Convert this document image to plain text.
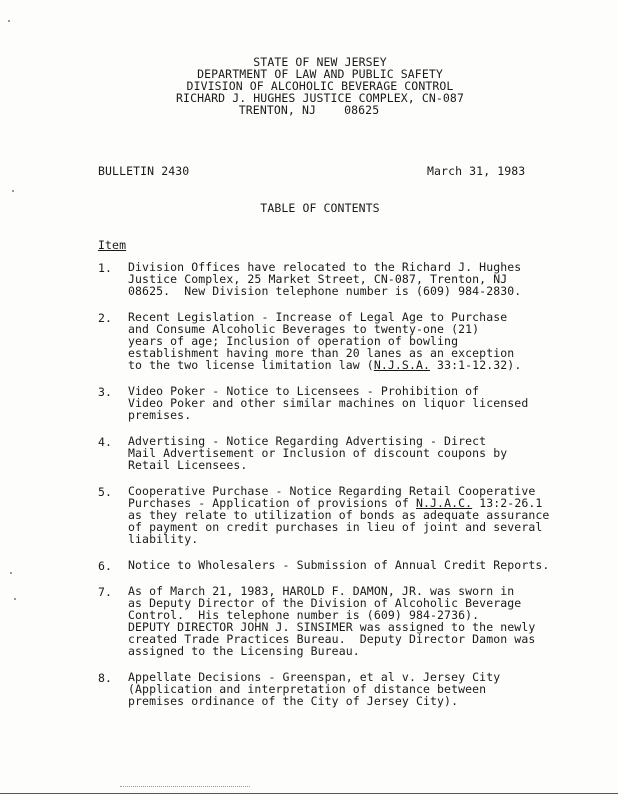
STATE OF NEW JERSEY
DEPARTMENT OF LAW AND PUBLIC SAFETY
DIVISION OF ALCOHOLIC BEVERAGE CONTROL
RICHARD J. HUGHES JUSTICE COMPLEX, CN-087
TRENTON, NJ    08625
BULLETIN 2430	March 31, 1983
TABLE OF CONTENTS
Item
1.	Division Offices have relocated to the Richard J. Hughes
Justice Complex, 25 Market Street, CN-087, Trenton, NJ
08625.  New Division telephone number is (609) 984-2830.
2.	Recent Legislation - Increase of Legal Age to Purchase
and Consume Alcoholic Beverages to twenty-one (21)
years of age; Inclusion of operation of bowling
establishment having more than 20 lanes as an exception
to the two license limitation law (N.J.S.A. 33:1-12.32).
3.	Video Poker - Notice to Licensees - Prohibition of
Video Poker and other similar machines on liquor licensed
premises.
4.	Advertising - Notice Regarding Advertising - Direct
Mail Advertisement or Inclusion of discount coupons by
Retail Licensees.
5.	Cooperative Purchase - Notice Regarding Retail Cooperative
Purchases - Application of provisions of N.J.A.C. 13:2-26.1
as they relate to utilization of bonds as adequate assurance
of payment on credit purchases in lieu of joint and several
liability.
6.	Notice to Wholesalers - Submission of Annual Credit Reports.
7.	As of March 21, 1983, HAROLD F. DAMON, JR. was sworn in
as Deputy Director of the Division of Alcoholic Beverage
Control.  His telephone number is (609) 984-2736).
DEPUTY DIRECTOR JOHN J. SINSIMER was assigned to the newly
created Trade Practices Bureau.  Deputy Director Damon was
assigned to the Licensing Bureau.
8.	Appellate Decisions - Greenspan, et al v. Jersey City
(Application and interpretation of distance between
premises ordinance of the City of Jersey City).
